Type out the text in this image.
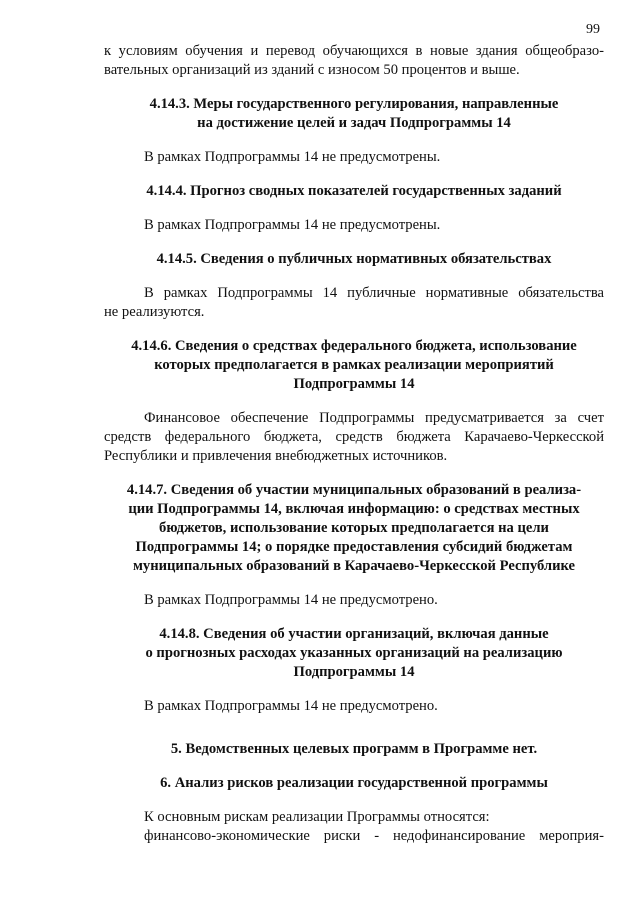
99
к условиям обучения и перевод обучающихся в новые здания общеобразо-
вательных организаций из зданий с износом 50 процентов и выше.
4.14.3. Меры государственного регулирования, направленные
на достижение целей и задач Подпрограммы 14
В рамках Подпрограммы 14 не предусмотрены.
4.14.4. Прогноз сводных показателей государственных заданий
В рамках Подпрограммы 14 не предусмотрены.
4.14.5. Сведения о публичных нормативных обязательствах
В рамках Подпрограммы 14 публичные нормативные обязательства
не реализуются.
4.14.6. Сведения о средствах федерального бюджета, использование
которых предполагается в рамках реализации мероприятий
Подпрограммы 14
Финансовое обеспечение Подпрограммы предусматривается за счет
средств федерального бюджета, средств бюджета Карачаево-Черкесской
Республики и привлечения внебюджетных источников.
4.14.7. Сведения об участии муниципальных образований в реализа-
ции Подпрограммы 14, включая информацию: о средствах местных
бюджетов, использование которых предполагается на цели
Подпрограммы 14; о порядке предоставления субсидий бюджетам
муниципальных образований в Карачаево-Черкесской Республике
В рамках Подпрограммы 14 не предусмотрено.
4.14.8. Сведения об участии организаций, включая данные
о прогнозных расходах указанных организаций на реализацию
Подпрограммы 14
В рамках Подпрограммы 14 не предусмотрено.
5. Ведомственных целевых программ в Программе нет.
6. Анализ рисков реализации государственной программы
К основным рискам реализации Программы относятся:
финансово-экономические риски - недофинансирование мероприя-
